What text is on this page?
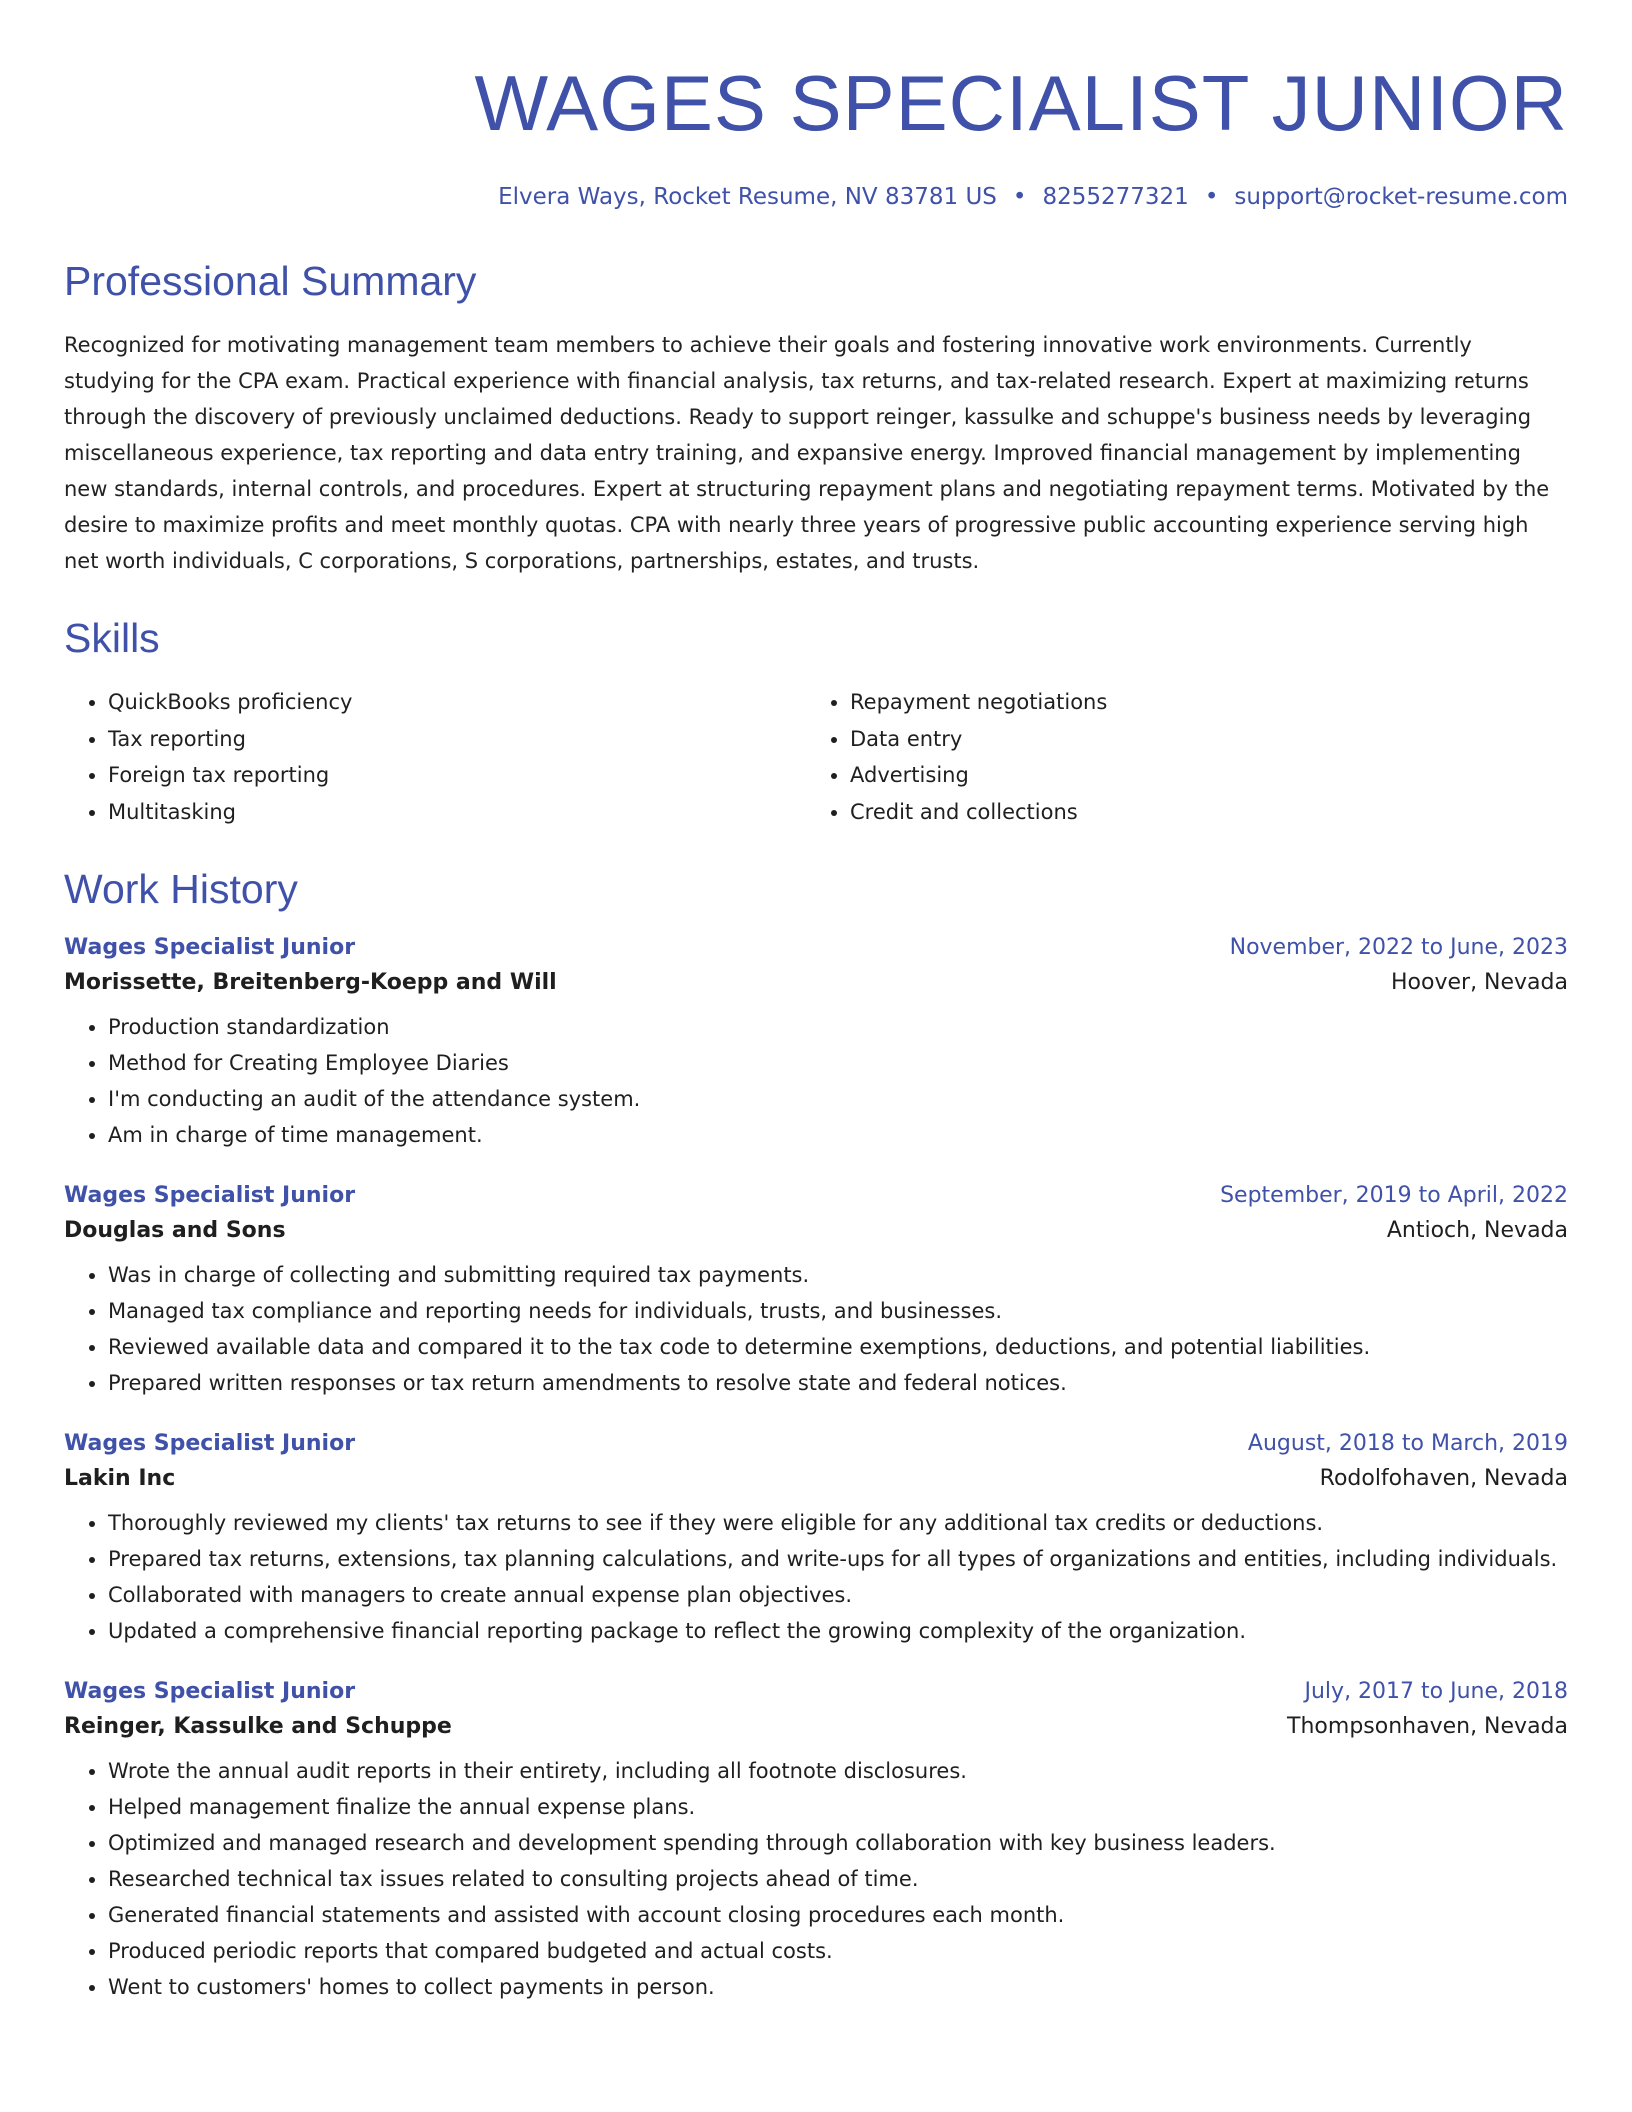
WAGES SPECIALIST JUNIOR
Elvera Ways, Rocket Resume, NV 83781 US • 8255277321 • support@rocket-resume.com
Professional Summary
Recognized for motivating management team members to achieve their goals and fostering innovative work environments. Currently studying for the CPA exam. Practical experience with financial analysis, tax returns, and tax-related research. Expert at maximizing returns through the discovery of previously unclaimed deductions. Ready to support reinger, kassulke and schuppe's business needs by leveraging miscellaneous experience, tax reporting and data entry training, and expansive energy. Improved financial management by implementing new standards, internal controls, and procedures. Expert at structuring repayment plans and negotiating repayment terms. Motivated by the desire to maximize profits and meet monthly quotas. CPA with nearly three years of progressive public accounting experience serving high net worth individuals, C corporations, S corporations, partnerships, estates, and trusts.
Skills
• QuickBooks proficiency
• Tax reporting
• Foreign tax reporting
• Multitasking
• Repayment negotiations
• Data entry
• Advertising
• Credit and collections
Work History
Wages Specialist Junior	November, 2022 to June, 2023
Morissette, Breitenberg-Koepp and Will	Hoover, Nevada
• Production standardization
• Method for Creating Employee Diaries
• I'm conducting an audit of the attendance system.
• Am in charge of time management.
Wages Specialist Junior	September, 2019 to April, 2022
Douglas and Sons	Antioch, Nevada
• Was in charge of collecting and submitting required tax payments.
• Managed tax compliance and reporting needs for individuals, trusts, and businesses.
• Reviewed available data and compared it to the tax code to determine exemptions, deductions, and potential liabilities.
• Prepared written responses or tax return amendments to resolve state and federal notices.
Wages Specialist Junior	August, 2018 to March, 2019
Lakin Inc	Rodolfohaven, Nevada
• Thoroughly reviewed my clients' tax returns to see if they were eligible for any additional tax credits or deductions.
• Prepared tax returns, extensions, tax planning calculations, and write-ups for all types of organizations and entities, including individuals.
• Collaborated with managers to create annual expense plan objectives.
• Updated a comprehensive financial reporting package to reflect the growing complexity of the organization.
Wages Specialist Junior	July, 2017 to June, 2018
Reinger, Kassulke and Schuppe	Thompsonhaven, Nevada
• Wrote the annual audit reports in their entirety, including all footnote disclosures.
• Helped management finalize the annual expense plans.
• Optimized and managed research and development spending through collaboration with key business leaders.
• Researched technical tax issues related to consulting projects ahead of time.
• Generated financial statements and assisted with account closing procedures each month.
• Produced periodic reports that compared budgeted and actual costs.
• Went to customers' homes to collect payments in person.
